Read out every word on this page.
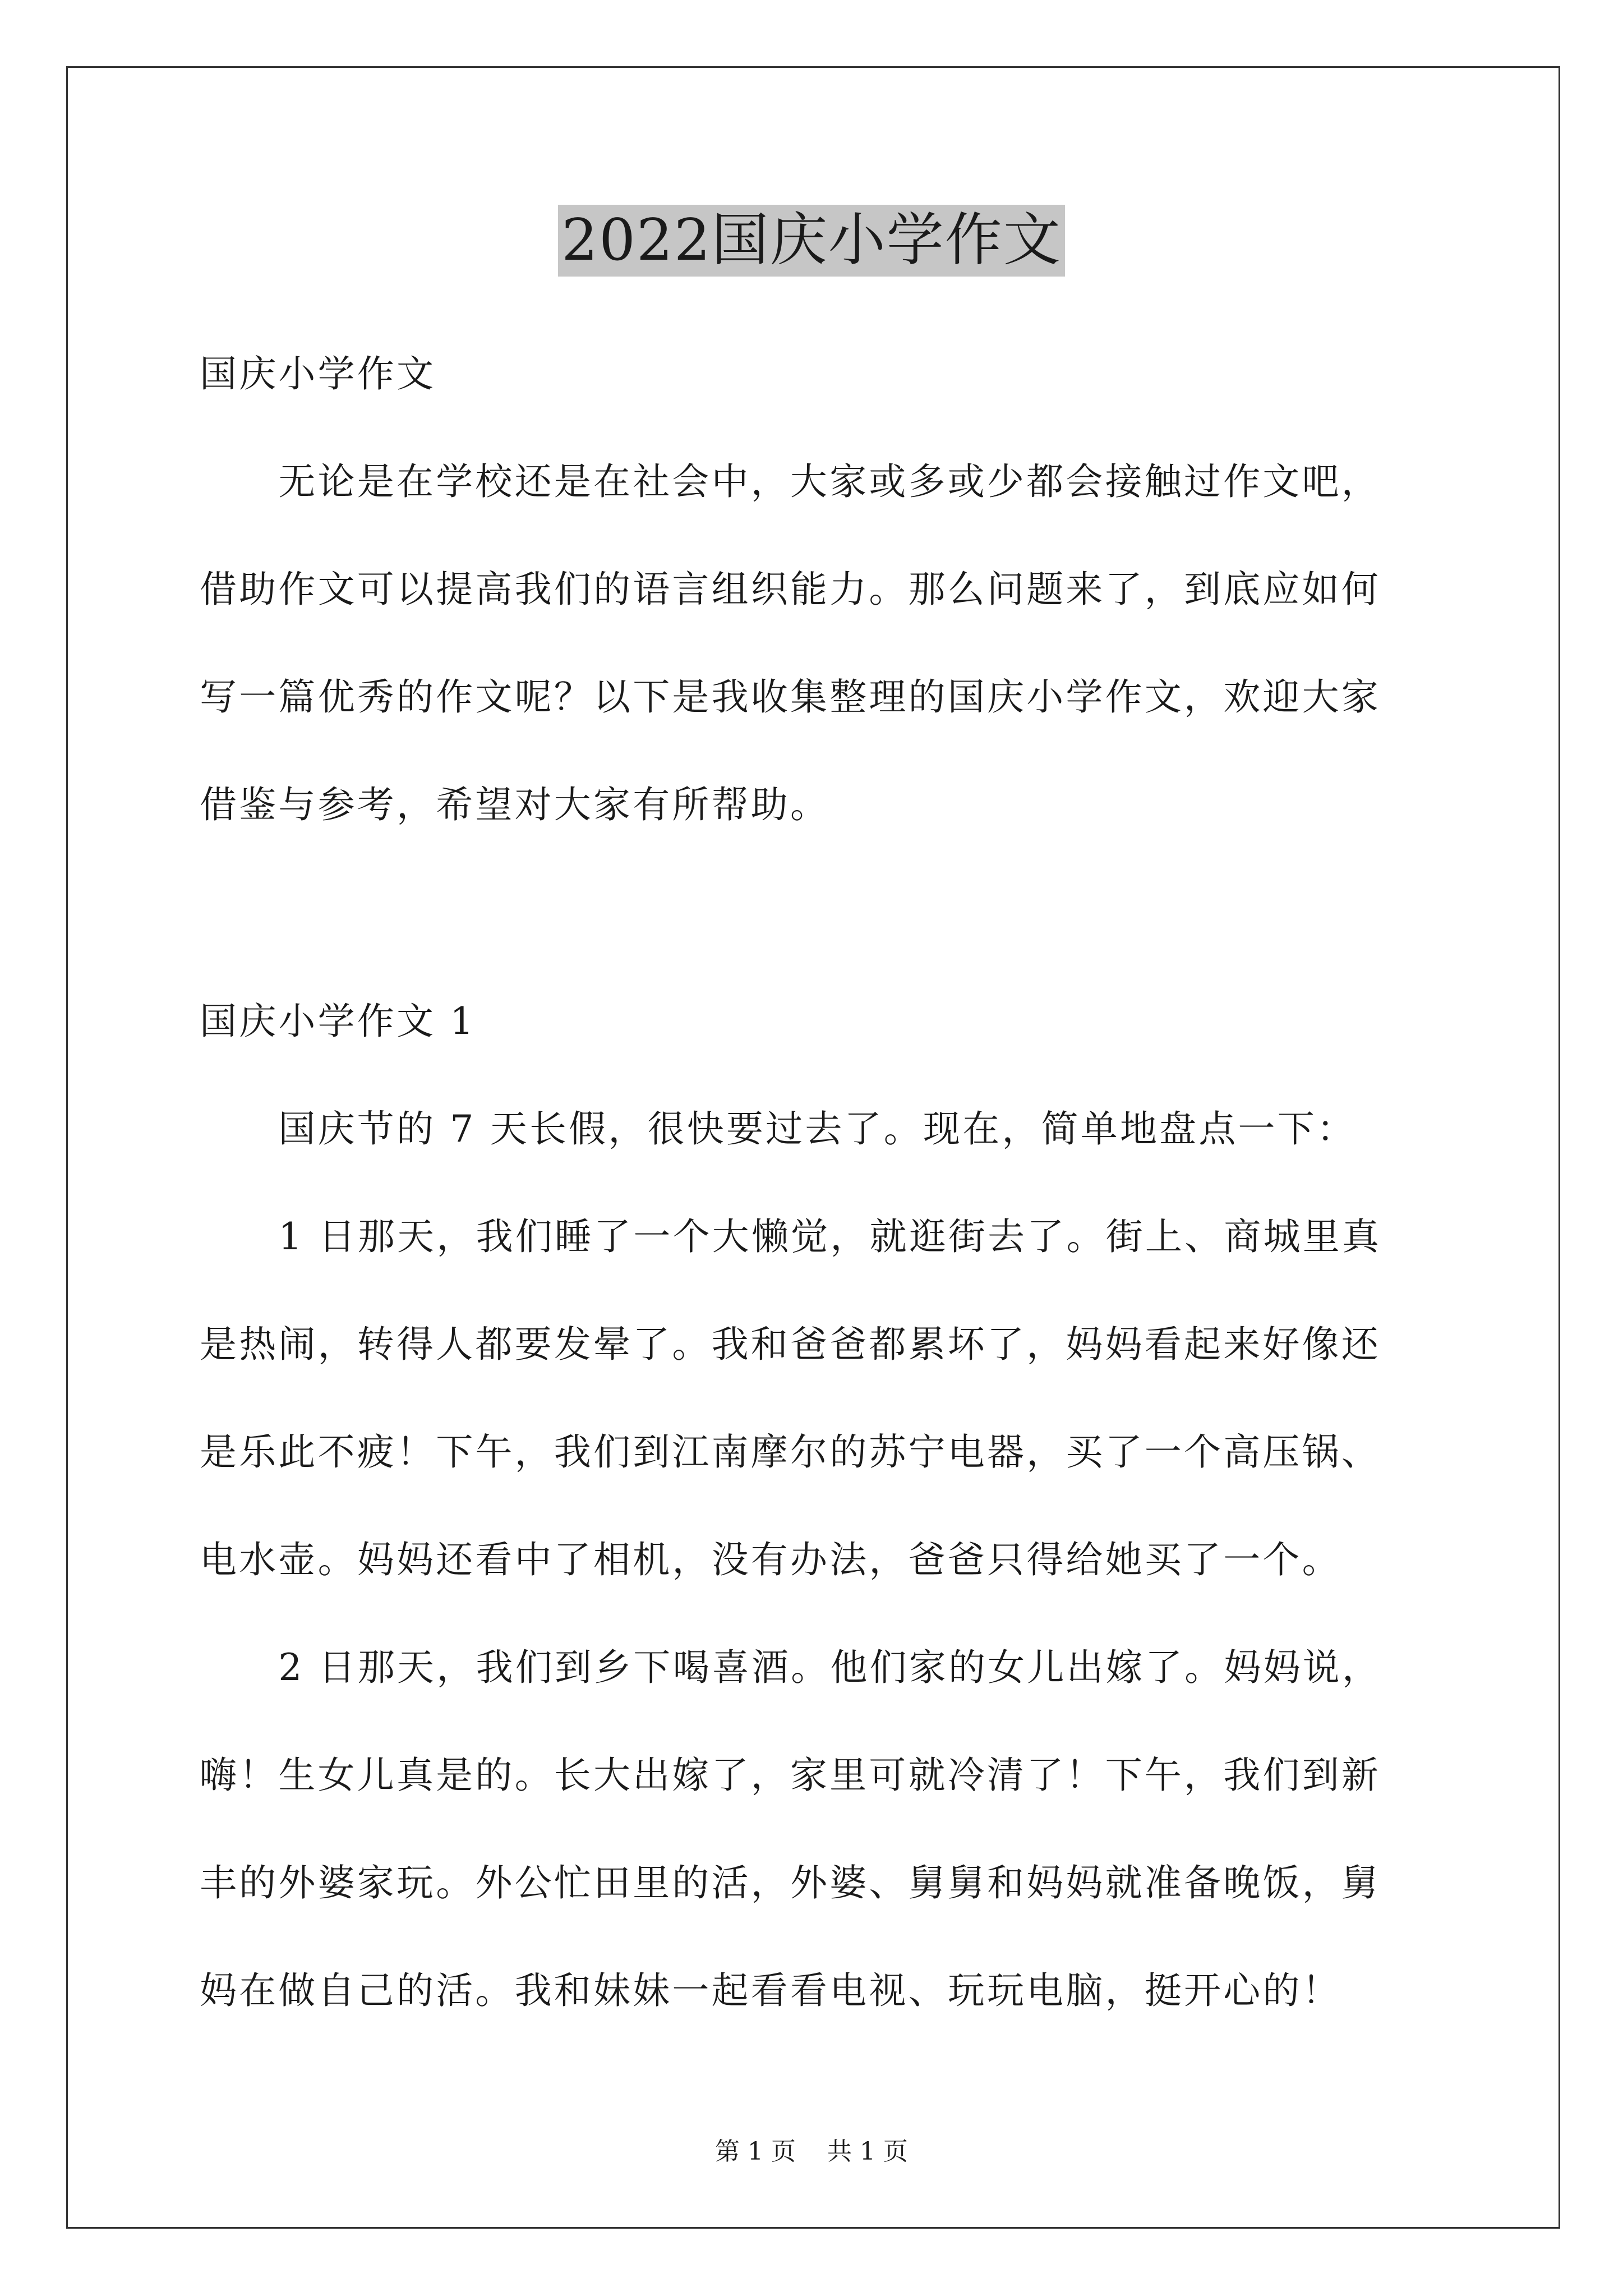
2022国庆小学作文
国庆小学作文
　　无论是在学校还是在社会中，大家或多或少都会接触过作文吧，
借助作文可以提高我们的语言组织能力。那么问题来了，到底应如何
写一篇优秀的作文呢？以下是我收集整理的国庆小学作文，欢迎大家
借鉴与参考，希望对大家有所帮助。
国庆小学作文 1
　　国庆节的 7 天长假，很快要过去了。现在，简单地盘点一下：
　　1 日那天，我们睡了一个大懒觉，就逛街去了。街上、商城里真
是热闹，转得人都要发晕了。我和爸爸都累坏了，妈妈看起来好像还
是乐此不疲！下午，我们到江南摩尔的苏宁电器，买了一个高压锅、
电水壶。妈妈还看中了相机，没有办法，爸爸只得给她买了一个。
　　2 日那天，我们到乡下喝喜酒。他们家的女儿出嫁了。妈妈说，
嗨！生女儿真是的。长大出嫁了，家里可就冷清了！下午，我们到新
丰的外婆家玩。外公忙田里的活，外婆、舅舅和妈妈就准备晚饭，舅
妈在做自己的活。我和妹妹一起看看电视、玩玩电脑，挺开心的！
第 1 页    共 1 页
